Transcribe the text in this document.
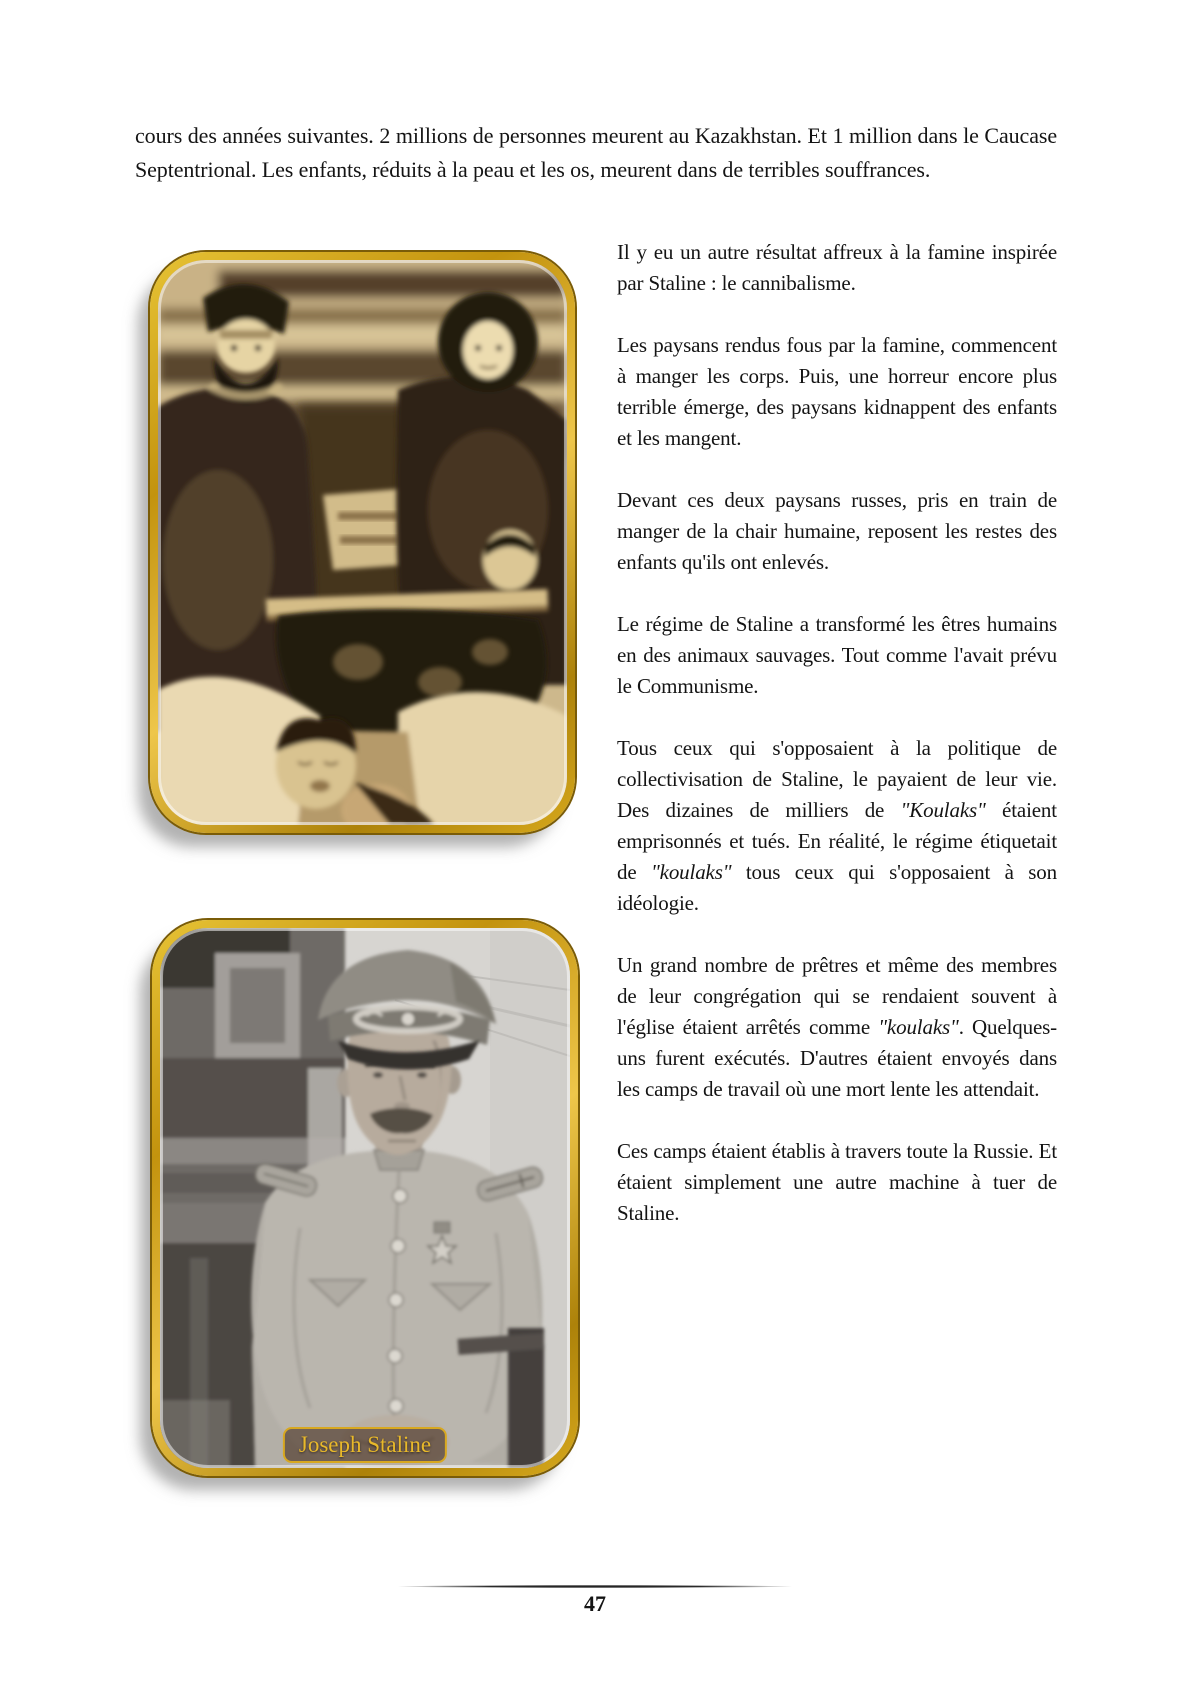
cours des années suivantes. 2 millions de personnes meurent au Kazakhstan. Et 1 million dans le Caucase Septentrional. Les enfants, réduits à la peau et les os, meurent dans de terribles souffrances.

Joseph Staline

Il y eu un autre résultat affreux à la famine inspirée par Staline : le cannibalisme.

Les paysans rendus fous par la famine, commencent à manger les corps. Puis, une horreur encore plus terrible émerge, des paysans kidnappent des enfants et les mangent.

Devant ces deux paysans russes, pris en train de manger de la chair humaine, reposent les restes des enfants qu'ils ont enlevés.

Le régime de Staline a transformé les êtres humains en des animaux sauvages. Tout comme l'avait prévu le Communisme.

Tous ceux qui s'opposaient à la politique de collectivisation de Staline, le payaient de leur vie. Des dizaines de milliers de "Koulaks" étaient emprisonnés et tués. En réalité, le régime étiquetait de "koulaks" tous ceux qui s'opposaient à son idéologie.

Un grand nombre de prêtres et même des membres de leur congrégation qui se rendaient souvent à l'église étaient arrêtés comme "koulaks". Quelques-uns furent exécutés. D'autres étaient envoyés dans les camps de travail où une mort lente les attendait.

Ces camps étaient établis à travers toute la Russie. Et étaient simplement une autre machine à tuer de Staline.

47
